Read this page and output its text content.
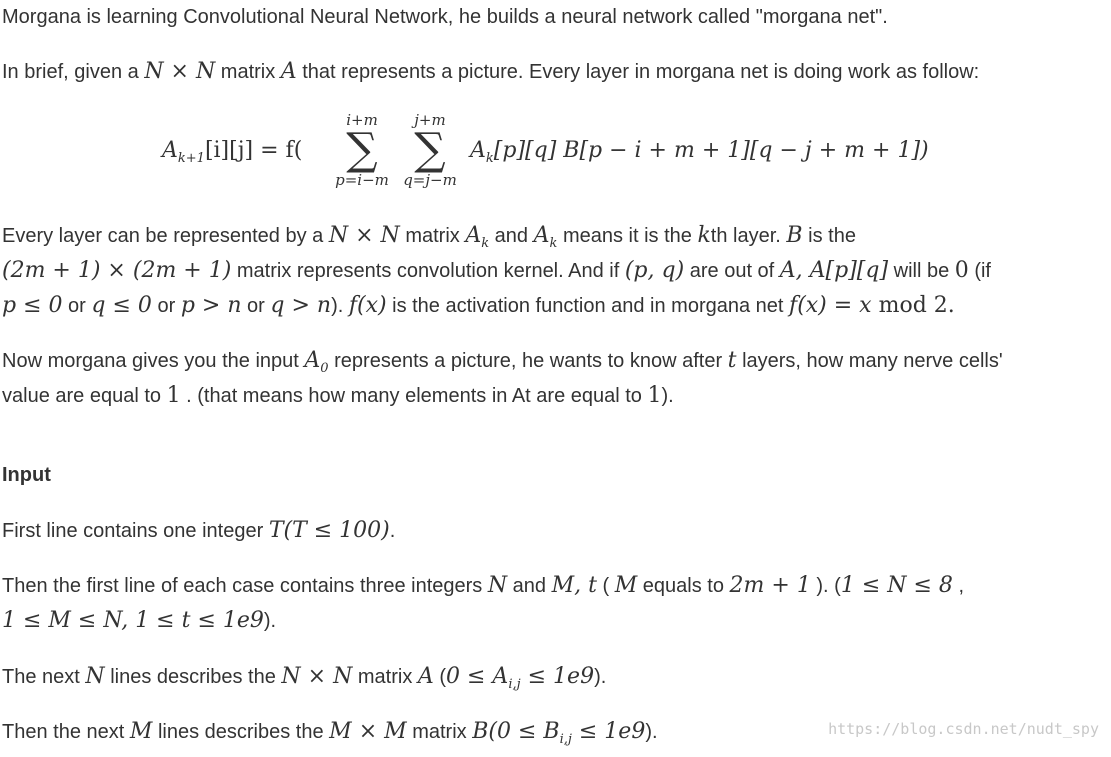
Morgana is learning Convolutional Neural Network, he builds a neural network called "morgana net".
In brief, given a N × N matrix A that represents a picture. Every layer in morgana net is doing work as follow:
$A_{k+1}[i][j] = f$(
i+m
∑
p=i−m
j+m
∑
q=j−m
$A_k[p][q] B[p - i + m + 1][q - j + m + 1]$)
Every layer can be represented by a N × N matrix $A_k$ and $A_k$ means it is the kth layer. B is the
(2m + 1) × (2m + 1) matrix represents convolution kernel. And if (p, q) are out of A, A[p][q] will be 0 (if
p ≤ 0 or q ≤ 0 or p > n or q > n). f(x) is the activation function and in morgana net f(x) = x mod 2.
Now morgana gives you the input $A_0$ represents a picture, he wants to know after t layers, how many nerve cells'
value are equal to 1 . (that means how many elements in At are equal to 1).
Input
First line contains one integer T(T ≤ 100).
Then the first line of each case contains three integers N and M, t ( M equals to 2m + 1 ). (1 ≤ N ≤ 8 ,
1 ≤ M ≤ N, 1 ≤ t ≤ 1e9).
The next N lines describes the N × N matrix A $(0 \le A_{i,j} \le 1e9)$.
Then the next M lines describes the M × M matrix $B(0 \le B_{i,j} \le 1e9)$.	https://blog.csdn.net/nudt_spy
